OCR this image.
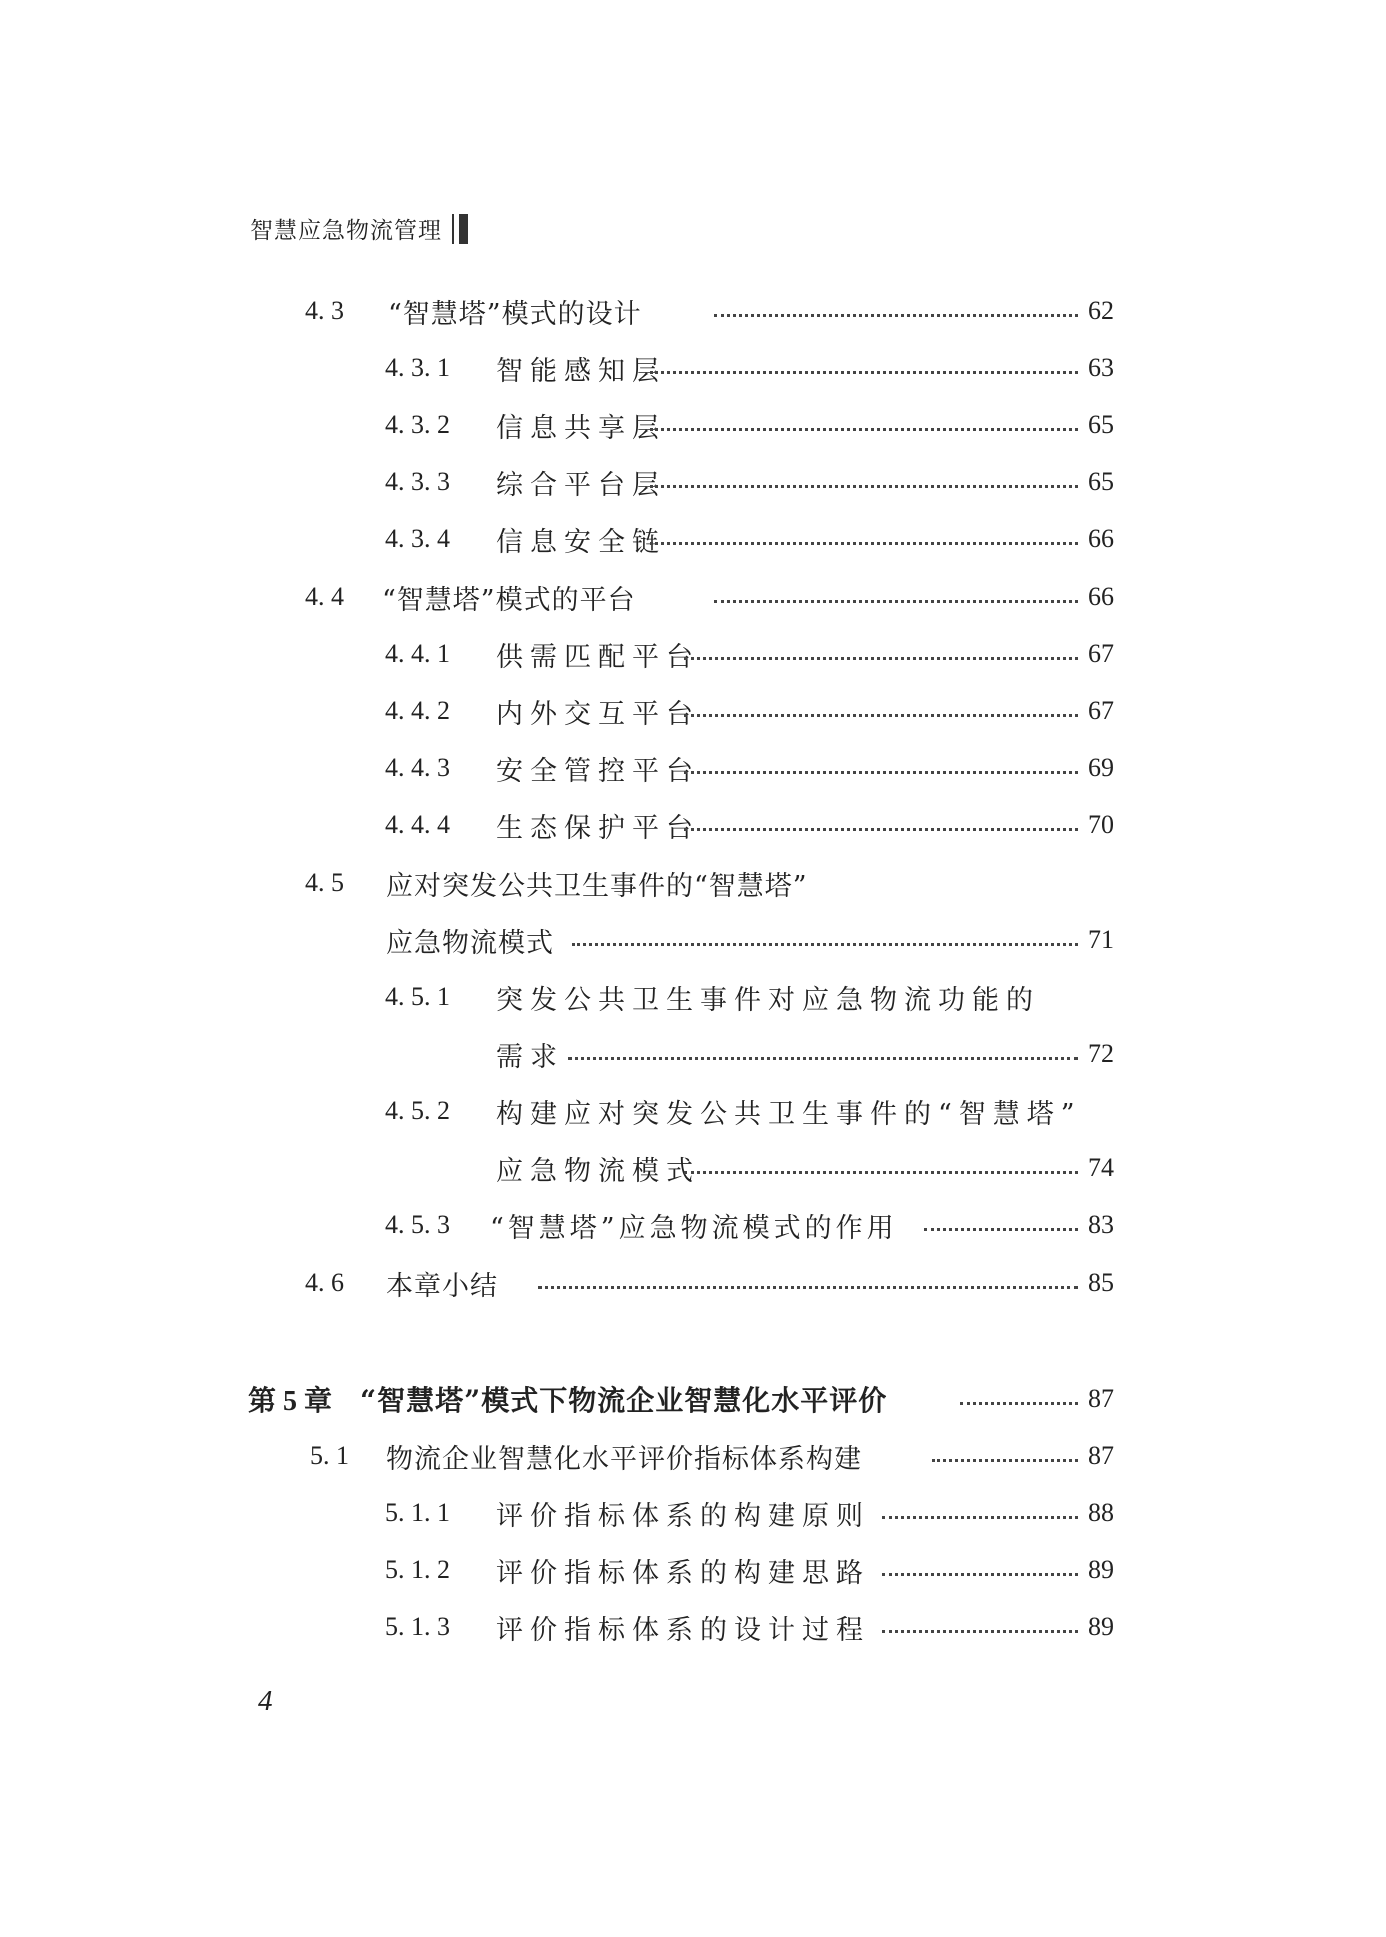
智慧应急物流管理
4. 3 “智慧塔”模式的设计	62
4. 3. 1 智能感知层	63
4. 3. 2 信息共享层	65
4. 3. 3 综合平台层	65
4. 3. 4 信息安全链	66
4. 4 “智慧塔”模式的平台	66
4. 4. 1 供需匹配平台	67
4. 4. 2 内外交互平台	67
4. 4. 3 安全管控平台	69
4. 4. 4 生态保护平台	70
4. 5 应对突发公共卫生事件的“智慧塔”
应急物流模式	71
4. 5. 1 突发公共卫生事件对应急物流功能的
需求	72
4. 5. 2 构建应对突发公共卫生事件的“智慧塔”
应急物流模式	74
4. 5. 3 “智慧塔”应急物流模式的作用	83
4. 6 本章小结	85
第 5 章 “智慧塔”模式下物流企业智慧化水平评价	87
5. 1 物流企业智慧化水平评价指标体系构建	87
5. 1. 1 评价指标体系的构建原则	88
5. 1. 2 评价指标体系的构建思路	89
5. 1. 3 评价指标体系的设计过程	89
4
